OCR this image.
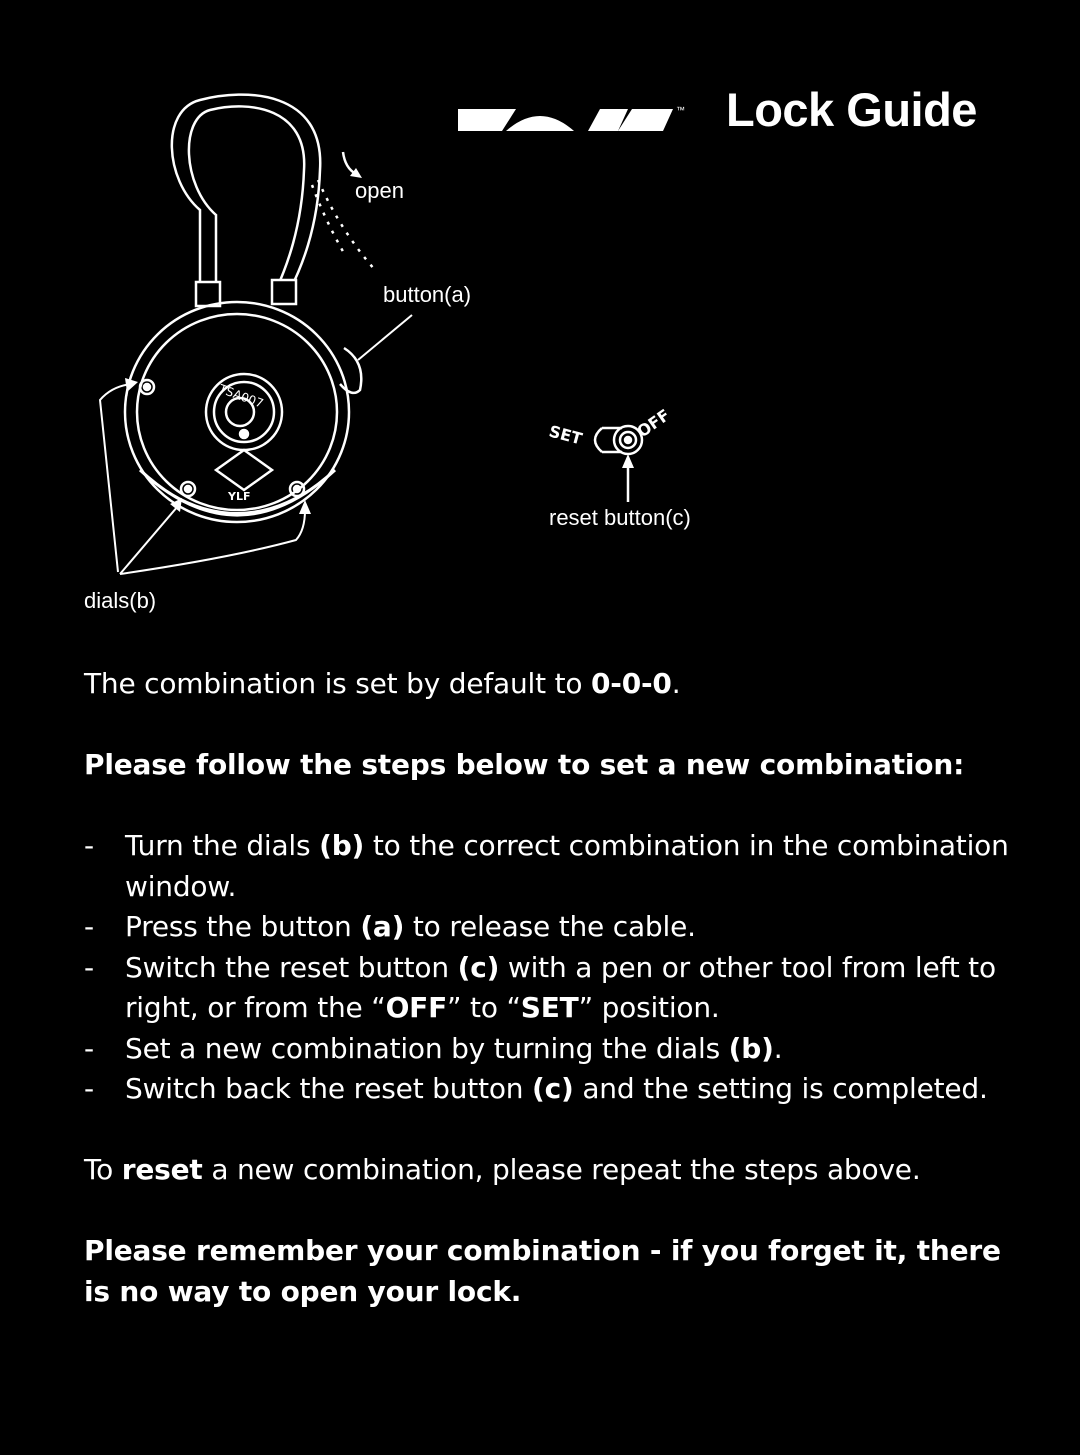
™ Lock Guide
SET	OFF
TSA007
YLF
open
button(a)
dials(b)
reset button(c)

The combination is set by default to 0-0-0.

Please follow the steps below to set a new combination:

- Turn the dials (b) to the correct combination in the combination window.
- Press the button (a) to release the cable.
- Switch the reset button (c) with a pen or other tool from left to right, or from the “OFF” to “SET” position.
- Set a new combination by turning the dials (b).
- Switch back the reset button (c) and the setting is completed.

To reset a new combination, please repeat the steps above.

Please remember your combination - if you forget it, there is no way to open your lock.
